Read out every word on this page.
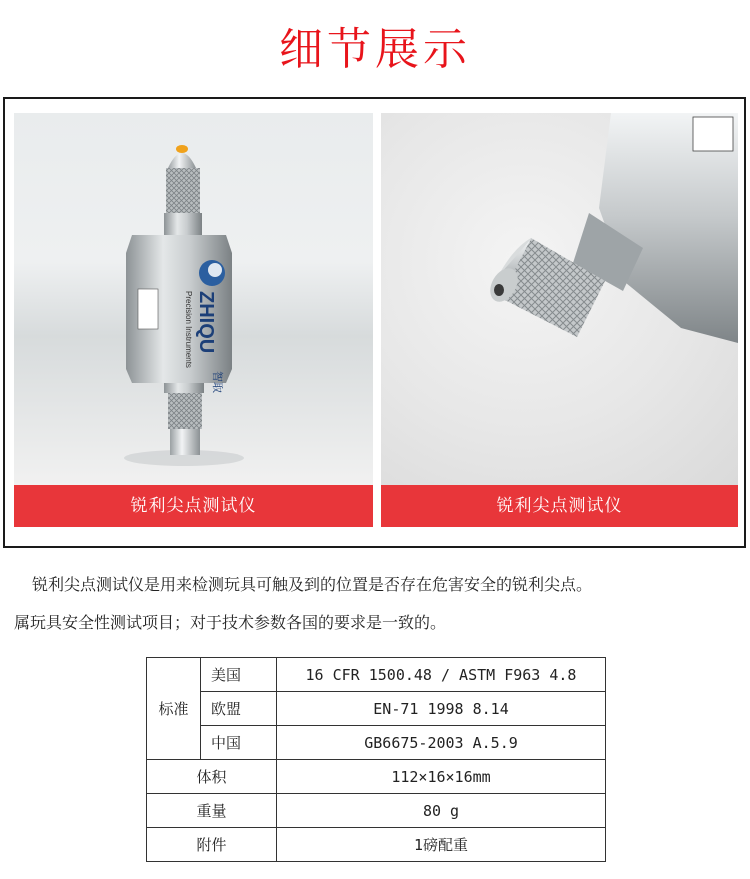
细节展示
ZHIQU
Precision Instruments
智取
锐利尖点测试仪	锐利尖点测试仪

锐利尖点测试仪是用来检测玩具可触及到的位置是否存在危害安全的锐利尖点。

属玩具安全性测试项目；对于技术参数各国的要求是一致的。

标准	美国	16 CFR 1500.48 / ASTM F963 4.8
	欧盟	EN-71 1998 8.14
	中国	GB6675-2003 A.5.9
体积		112×16×16mm
重量		80 g
附件		1磅配重
